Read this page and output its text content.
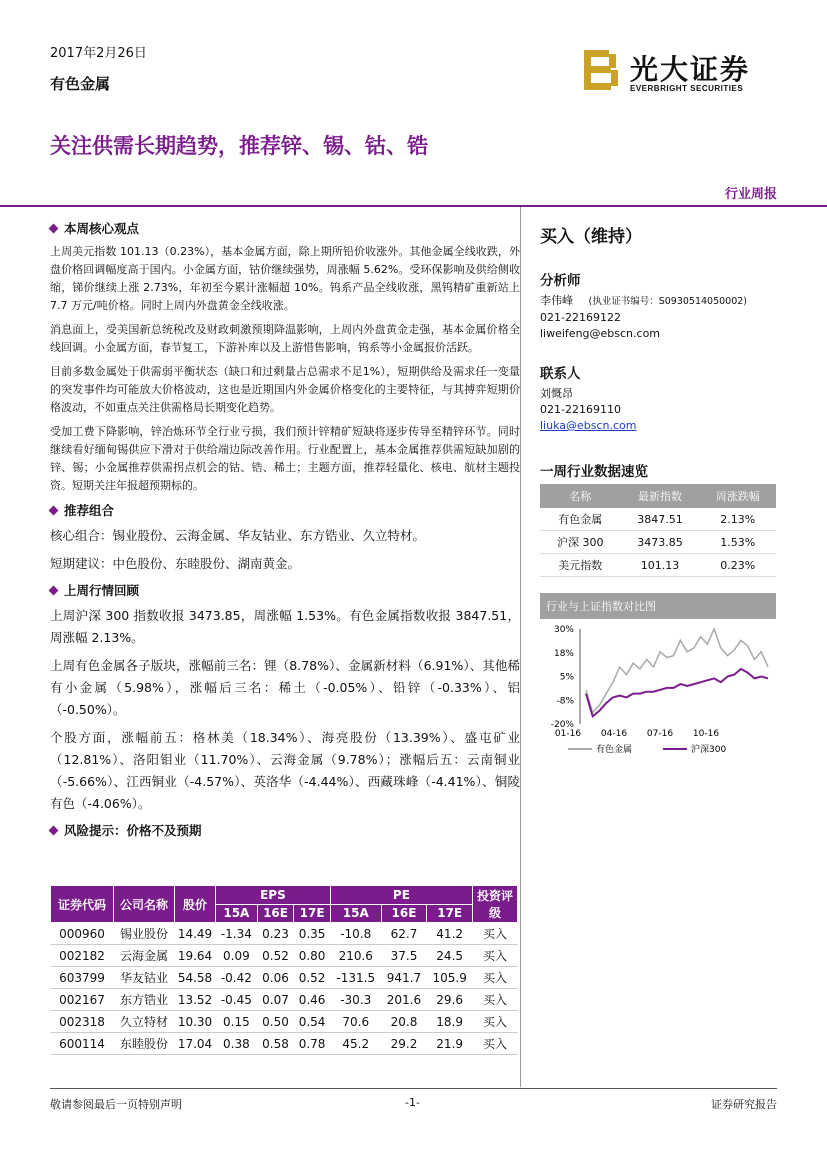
2017年2月26日
有色金属	光大证券
EVERBRIGHT SECURITIES
关注供需长期趋势，推荐锌、锡、钴、锆
行业周报
本周核心观点

上周美元指数 101.13（0.23%），基本金属方面，除上期所铅价收涨外。其他金属全线收跌，外盘价格回调幅度高于国内。小金属方面，钴价继续强势，周涨幅 5.62%。受环保影响及供给侧收缩，锑价继续上涨 2.73%，年初至今累计涨幅超 10%。钨系产品全线收涨，黑钨精矿重新站上 7.7 万元/吨价格。同时上周内外盘黄金全线收涨。

消息面上，受美国新总统税改及财政刺激预期降温影响，上周内外盘黄金走强，基本金属价格全线回调。小金属方面，春节复工，下游补库以及上游惜售影响，钨系等小金属报价活跃。

目前多数金属处于供需弱平衡状态（缺口和过剩量占总需求不足1%），短期供给及需求任一变量的突发事件均可能放大价格波动，这也是近期国内外金属价格变化的主要特征，与其搏弈短期价格波动，不如重点关注供需格局长期变化趋势。

受加工费下降影响，锌冶炼环节全行业亏损，我们预计锌精矿短缺将逐步传导至精锌环节。同时继续看好缅甸锡供应下滑对于供给端边际改善作用。行业配置上，基本金属推荐供需短缺加剧的锌、锡；小金属推荐供需拐点机会的钴、锆、稀土；主题方面，推荐轻量化、核电、航材主题投资。短期关注年报超预期标的。

推荐组合

核心组合：锡业股份、云海金属、华友钴业、东方锆业、久立特材。

短期建议：中色股份、东睦股份、湖南黄金。

上周行情回顾

上周沪深 300 指数收报 3473.85，周涨幅 1.53%。有色金属指数收报 3847.51，周涨幅 2.13%。

上周有色金属各子版块，涨幅前三名：锂（8.78%）、金属新材料（6.91%）、其他稀有小金属（5.98%），涨幅后三名：稀土（-0.05%）、铅锌（-0.33%）、铝（-0.50%）。

个股方面，涨幅前五：格林美（18.34%）、海亮股份（13.39%）、盛屯矿业（12.81%）、洛阳钼业（11.70%）、云海金属（9.78%）；涨幅后五：云南铜业（-5.66%）、江西铜业（-4.57%）、英洛华（-4.44%）、西藏珠峰（-4.41%）、铜陵有色（-4.06%）。

风险提示：价格不及预期
证券代码	公司名称	股价	EPS			PE			投资评级
			15A	16E	17E	15A	16E	17E	
000960	锡业股份	14.49	-1.34	0.23	0.35	-10.8	62.7	41.2	买入
002182	云海金属	19.64	0.09	0.52	0.80	210.6	37.5	24.5	买入
603799	华友钴业	54.58	-0.42	0.06	0.52	-131.5	941.7	105.9	买入
002167	东方锆业	13.52	-0.45	0.07	0.46	-30.3	201.6	29.6	买入
002318	久立特材	10.30	0.15	0.50	0.54	70.6	20.8	18.9	买入
600114	东睦股份	17.04	0.38	0.58	0.78	45.2	29.2	21.9	买入
买入（维持）
分析师
李伟峰 (执业证书编号：S0930514050002)
021-22169122
liweifeng@ebscn.com
联系人
刘慨昂
021-22169110
liuka@ebscn.com
一周行业数据速览
名称	最新指数	周涨跌幅
有色金属	3847.51	2.13%
沪深 300	3473.85	1.53%
美元指数	101.13	0.23%
行业与上证指数对比图
30%
18%
5%
-8%
-20%
01-16 04-16 07-16 10-16
有色金属	沪深300
敬请参阅最后一页特别声明	-1-	证券研究报告
